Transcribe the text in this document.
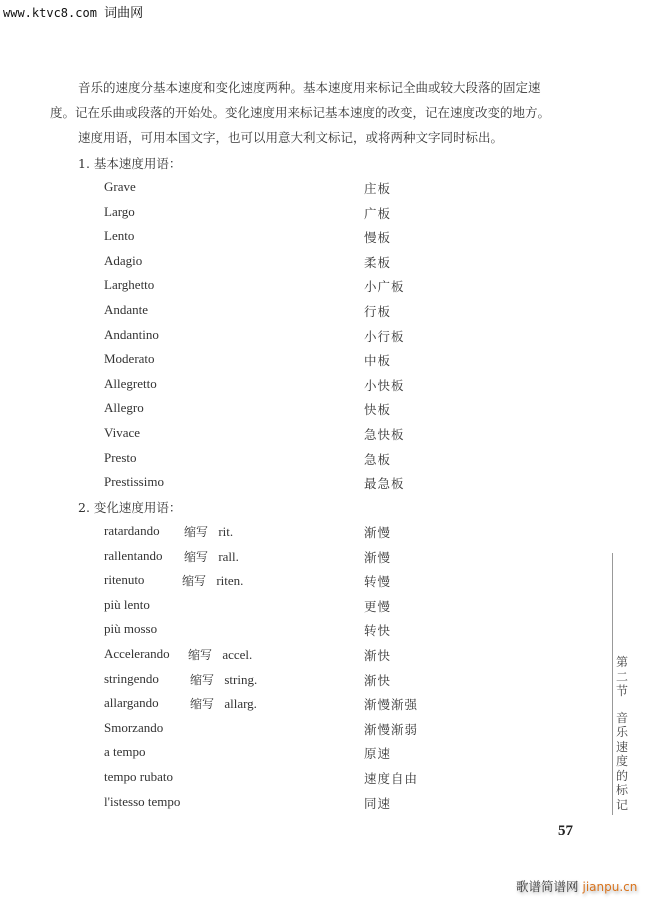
www.ktvc8.com 词曲网
音乐的速度分基本速度和变化速度两种。基本速度用来标记全曲或较大段落的固定速
度。记在乐曲或段落的开始处。变化速度用来标记基本速度的改变，记在速度改变的地方。
速度用语，可用本国文字，也可以用意大利文标记，或将两种文字同时标出。
1. 基本速度用语：
Grave	庄板
Largo	广板
Lento	慢板
Adagio	柔板
Larghetto	小广板
Andante	行板
Andantino	小行板
Moderato	中板
Allegretto	小快板
Allegro	快板
Vivace	急快板
Presto	急板
Prestissimo	最急板
2. 变化速度用语：
ratardando 缩写   rit.	渐慢
rallentando 缩写   rall.	渐慢
ritenuto	缩写   riten.	转慢
più lento	更慢
più mosso	转快
Accelerando 缩写   accel.	渐快
stringendo	缩写   string.	渐快
allargando	缩写   allarg.	渐慢渐强
Smorzando	渐慢渐弱
a tempo	原速
tempo rubato	速度自由
l'istesso tempo	同速
第
二
节
音
乐
速
度
的
标
记
57
歌谱简谱网 jianpu.cn
